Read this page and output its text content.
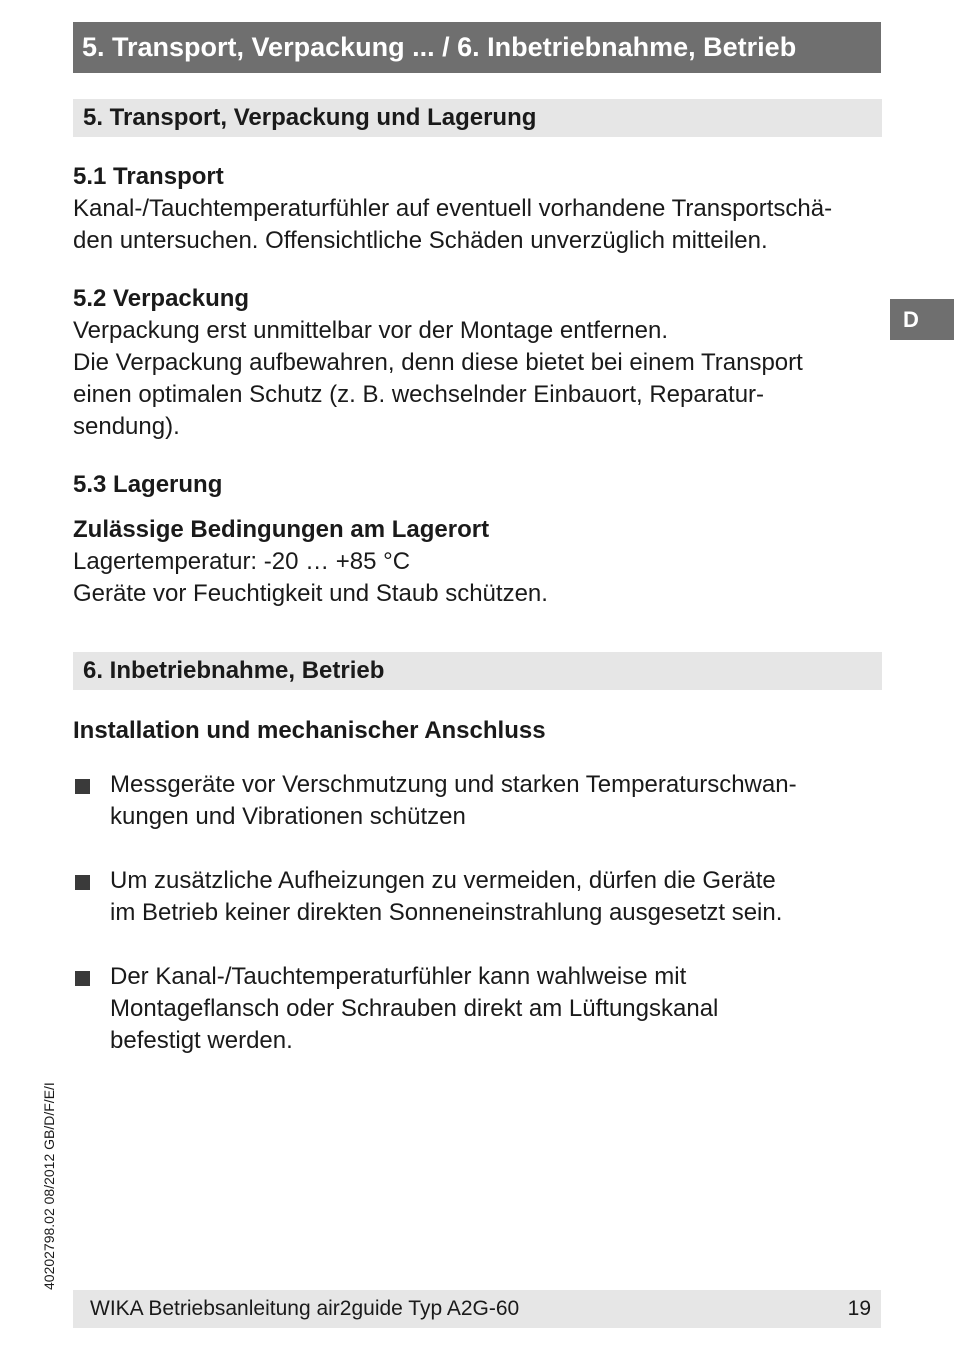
5. Transport, Verpackung ... / 6. Inbetriebnahme, Betrieb
D
5. Transport, Verpackung und Lagerung
5.1 Transport
Kanal-/Tauchtemperaturfühler auf eventuell vorhandene Transportschä-
den untersuchen. Offensichtliche Schäden unverzüglich mitteilen.
5.2 Verpackung
Verpackung erst unmittelbar vor der Montage entfernen.
Die Verpackung aufbewahren, denn diese bietet bei einem Transport
einen optimalen Schutz (z. B. wechselnder Einbauort, Reparatur-
sendung).
5.3 Lagerung
Zulässige Bedingungen am Lagerort
Lagertemperatur: -20 … +85 °C
Geräte vor Feuchtigkeit und Staub schützen.
6. Inbetriebnahme, Betrieb
Installation und mechanischer Anschluss
Messgeräte vor Verschmutzung und starken Temperaturschwan-
kungen und Vibrationen schützen
Um zusätzliche Aufheizungen zu vermeiden, dürfen die Geräte
im Betrieb keiner direkten Sonneneinstrahlung ausgesetzt sein.
Der Kanal-/Tauchtemperaturfühler kann wahlweise mit
Montageflansch oder Schrauben direkt am Lüftungskanal
befestigt werden.
40202798.02 08/2012 GB/D/F/E/I
WIKA Betriebsanleitung air2guide Typ A2G-60	19
